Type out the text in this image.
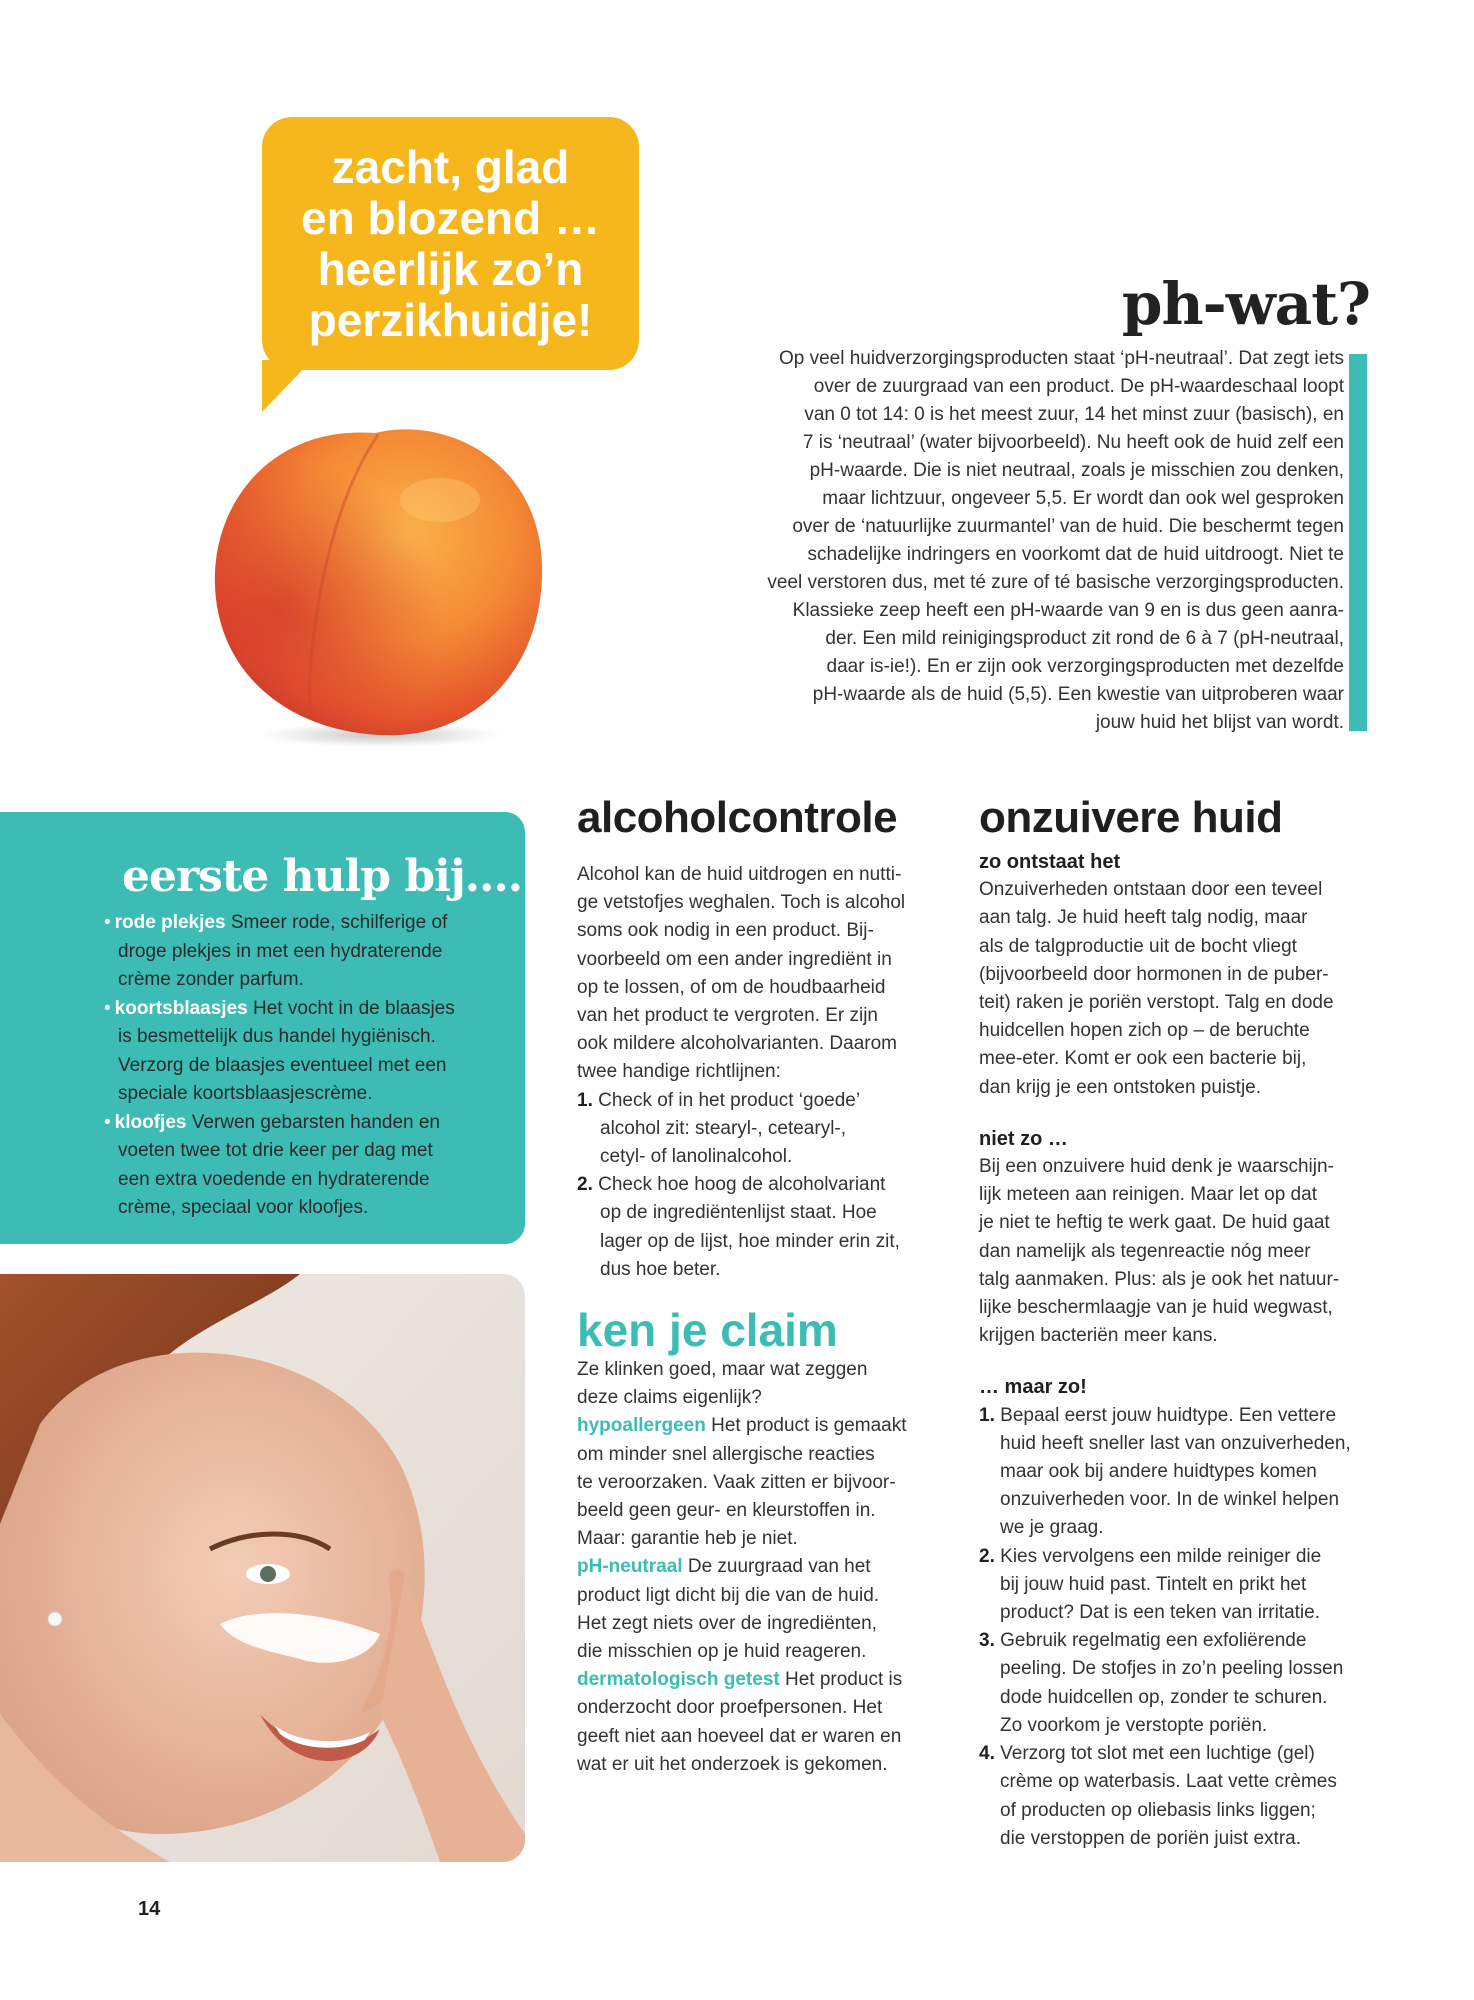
zacht, glad
en blozend …
heerlijk zo’n
perzikhuidje!	ph-wat?
Op veel huidverzorgingsproducten staat ‘pH-neutraal’. Dat zegt iets
over de zuurgraad van een product. De pH-waardeschaal loopt
van 0 tot 14: 0 is het meest zuur, 14 het minst zuur (basisch), en
7 is ‘neutraal’ (water bijvoorbeeld). Nu heeft ook de huid zelf een
pH-waarde. Die is niet neutraal, zoals je misschien zou denken,
maar lichtzuur, ongeveer 5,5. Er wordt dan ook wel gesproken
over de ‘natuurlijke zuurmantel’ van de huid. Die beschermt tegen
schadelijke indringers en voorkomt dat de huid uitdroogt. Niet te
veel verstoren dus, met té zure of té basische verzorgingsproducten.
Klassieke zeep heeft een pH-waarde van 9 en is dus geen aanra-
der. Een mild reinigingsproduct zit rond de 6 à 7 (pH-neutraal,
daar is-ie!). En er zijn ook verzorgingsproducten met dezelfde
pH-waarde als de huid (5,5). Een kwestie van uitproberen waar
jouw huid het blijst van wordt.
eerste hulp bij….
• rode plekjes Smeer rode, schilferige of
droge plekjes in met een hydraterende
crème zonder parfum.
• koortsblaasjes Het vocht in de blaasjes
is besmettelijk dus handel hygiënisch.
Verzorg de blaasjes eventueel met een
speciale koortsblaasjescrème.
• kloofjes Verwen gebarsten handen en
voeten twee tot drie keer per dag met
een extra voedende en hydraterende
crème, speciaal voor kloofjes.
alcoholcontrole
Alcohol kan de huid uitdrogen en nutti-
ge vetstofjes weghalen. Toch is alcohol
soms ook nodig in een product. Bij-
voorbeeld om een ander ingrediënt in
op te lossen, of om de houdbaarheid
van het product te vergroten. Er zijn
ook mildere alcoholvarianten. Daarom
twee handige richtlijnen:
1. Check of in het product ‘goede’
alcohol zit: stearyl-, cetearyl-,
cetyl- of lanolinalcohol.
2. Check hoe hoog de alcoholvariant
op de ingrediëntenlijst staat. Hoe
lager op de lijst, hoe minder erin zit,
dus hoe beter.
ken je claim
Ze klinken goed, maar wat zeggen
deze claims eigenlijk?
hypoallergeen Het product is gemaakt
om minder snel allergische reacties
te veroorzaken. Vaak zitten er bijvoor-
beeld geen geur- en kleurstoffen in.
Maar: garantie heb je niet.
pH-neutraal De zuurgraad van het
product ligt dicht bij die van de huid.
Het zegt niets over de ingrediënten,
die misschien op je huid reageren.
dermatologisch getest Het product is
onderzocht door proefpersonen. Het
geeft niet aan hoeveel dat er waren en
wat er uit het onderzoek is gekomen.
onzuivere huid
zo ontstaat het
Onzuiverheden ontstaan door een teveel
aan talg. Je huid heeft talg nodig, maar
als de talgproductie uit de bocht vliegt
(bijvoorbeeld door hormonen in de puber-
teit) raken je poriën verstopt. Talg en dode
huidcellen hopen zich op – de beruchte
mee-eter. Komt er ook een bacterie bij,
dan krijg je een ontstoken puistje.
niet zo …
Bij een onzuivere huid denk je waarschijn-
lijk meteen aan reinigen. Maar let op dat
je niet te heftig te werk gaat. De huid gaat
dan namelijk als tegenreactie nóg meer
talg aanmaken. Plus: als je ook het natuur-
lijke beschermlaagje van je huid wegwast,
krijgen bacteriën meer kans.
… maar zo!
1. Bepaal eerst jouw huidtype. Een vettere
huid heeft sneller last van onzuiverheden,
maar ook bij andere huidtypes komen
onzuiverheden voor. In de winkel helpen
we je graag.
2. Kies vervolgens een milde reiniger die
bij jouw huid past. Tintelt en prikt het
product? Dat is een teken van irritatie.
3. Gebruik regelmatig een exfoliërende
peeling. De stofjes in zo’n peeling lossen
dode huidcellen op, zonder te schuren.
Zo voorkom je verstopte poriën.
4. Verzorg tot slot met een luchtige (gel)
crème op waterbasis. Laat vette crèmes
of producten op oliebasis links liggen;
die verstoppen de poriën juist extra.
14
